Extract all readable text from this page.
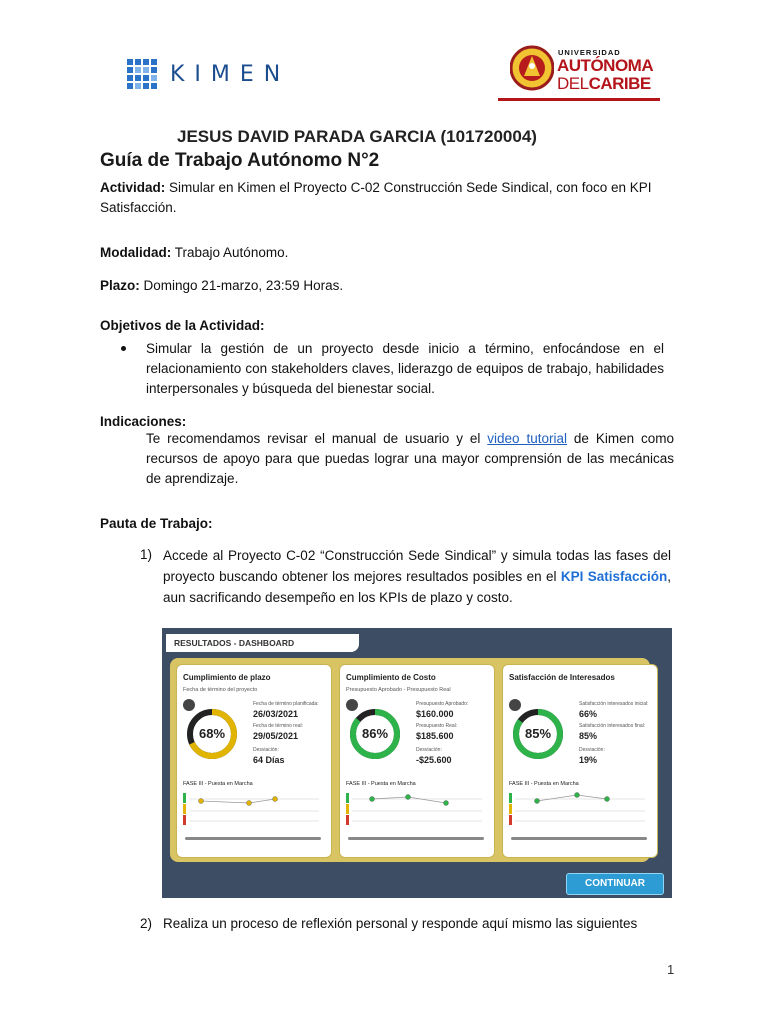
KIMEN
UNIVERSIDAD
AUTÓNOMA
DELCARIBE
JESUS DAVID PARADA GARCIA (101720004)
Guía de Trabajo Autónomo N°2
Actividad: Simular en Kimen el Proyecto C-02 Construcción Sede Sindical, con foco en KPI Satisfacción.
Modalidad: Trabajo Autónomo.
Plazo: Domingo 21-marzo, 23:59 Horas.
Objetivos de la Actividad:
Simular la gestión de un proyecto desde inicio a término, enfocándose en el relacionamiento con stakeholders claves, liderazgo de equipos de trabajo, habilidades interpersonales y búsqueda del bienestar social.
Indicaciones:
Te recomendamos revisar el manual de usuario y el video tutorial de Kimen como recursos de apoyo para que puedas lograr una mayor comprensión de las mecánicas de aprendizaje.
Pauta de Trabajo:
1) Accede al Proyecto C-02 “Construcción Sede Sindical” y simula todas las fases del proyecto buscando obtener los mejores resultados posibles en el KPI Satisfacción, aun sacrificando desempeño en los KPIs de plazo y costo.
RESULTADOS - DASHBOARD
Cumplimiento de plazo
Fecha de término del proyecto
68%
Fecha de término planificada:
26/03/2021
Fecha de término real:
29/05/2021
Desviación:
64 Días
FASE III - Puesta en Marcha
Cumplimiento de Costo
Presupuesto Aprobado - Presupuesto Real
86%
Presupuesto Aprobado:
$160.000
Presupuesto Real:
$185.600
Desviación:
-$25.600
FASE III - Puesta en Marcha
Satisfacción de Interesados
85%
Satisfacción interesados inicial:
66%
Satisfacción interesados final:
85%
Desviación:
19%
FASE III - Puesta en Marcha
CONTINUAR
2) Realiza un proceso de reflexión personal y responde aquí mismo las siguientes
1
